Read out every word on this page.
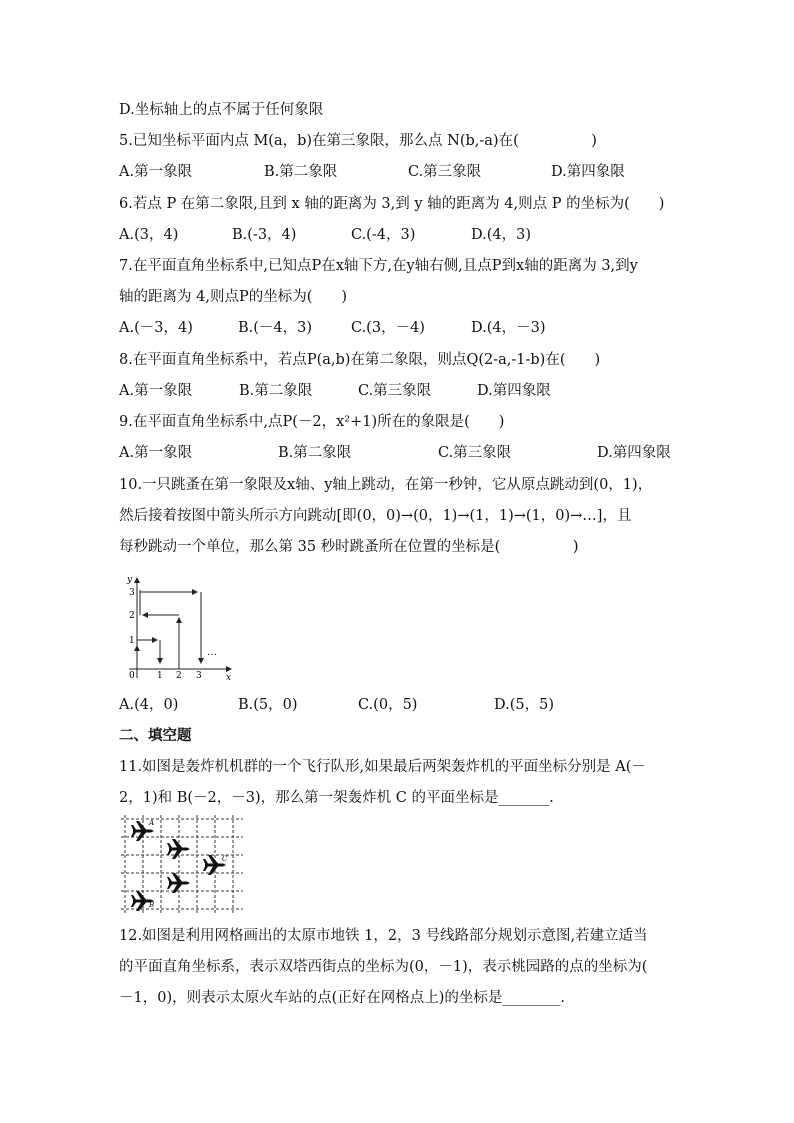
D.坐标轴上的点不属于任何象限
5.已知坐标平面内点 M(a，b)在第三象限，那么点 N(b,-a)在(　　　　　)
A.第一象限	B.第二象限	C.第三象限	D.第四象限
6.若点 P 在第二象限,且到 x 轴的距离为 3,到 y 轴的距离为 4,则点 P 的坐标为(　　)
A.(3，4)	B.(-3，4)	C.(-4，3)	D.(4，3)
7.在平面直角坐标系中,已知点P在x轴下方,在y轴右侧,且点P到x轴的距离为 3,到y
轴的距离为 4,则点P的坐标为(　　)
A.(－3，4)	B.(－4，3)	C.(3，－4)	D.(4，－3)
8.在平面直角坐标系中，若点P(a,b)在第二象限，则点Q(2-a,-1-b)在(　　)
A.第一象限	B.第二象限	C.第三象限	D.第四象限
9.在平面直角坐标系中,点P(－2，x²+1)所在的象限是(　　)
A.第一象限	B.第二象限	C.第三象限	D.第四象限
10.一只跳蚤在第一象限及x轴、y轴上跳动，在第一秒钟，它从原点跳动到(0，1)，
然后接着按图中箭头所示方向跳动[即(0，0)→(0，1)→(1，1)→(1，0)→…]，且
每秒跳动一个单位，那么第 35 秒时跳蚤所在位置的坐标是(　　　　　)
y
x
0 1 2 3
1
2
3
…
A.(4，0)	B.(5，0)	C.(0，5)	D.(5，5)
二、填空题
11.如图是轰炸机机群的一个飞行队形,如果最后两架轰炸机的平面坐标分别是 A(－
2，1)和 B(－2，－3)，那么第一架轰炸机 C 的平面坐标是_______.
A
B
C
12.如图是利用网格画出的太原市地铁 1，2，3 号线路部分规划示意图,若建立适当
的平面直角坐标系，表示双塔西街点的坐标为(0，－1)，表示桃园路的点的坐标为(
－1，0)，则表示太原火车站的点(正好在网格点上)的坐标是________.
